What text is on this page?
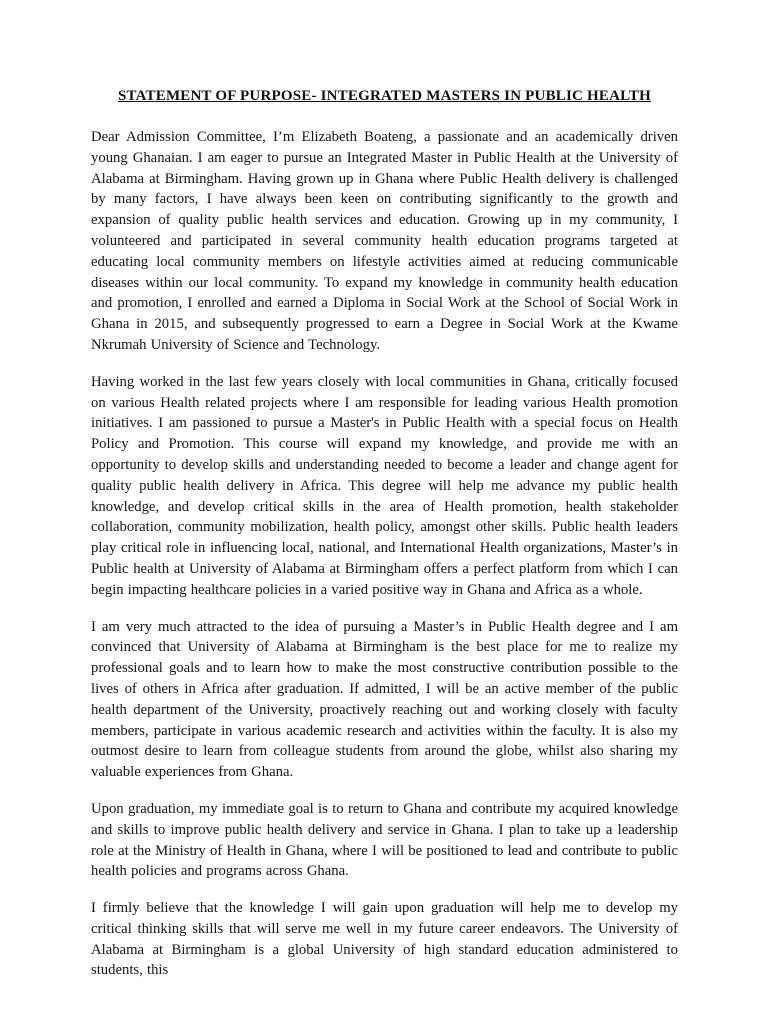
STATEMENT OF PURPOSE- INTEGRATED MASTERS IN PUBLIC HEALTH

Dear Admission Committee, I’m Elizabeth Boateng, a passionate and an academically driven young Ghanaian. I am eager to pursue an Integrated Master in Public Health at the University of Alabama at Birmingham. Having grown up in Ghana where Public Health delivery is challenged by many factors, I have always been keen on contributing significantly to the growth and expansion of quality public health services and education. Growing up in my community, I volunteered and participated in several community health education programs targeted at educating local community members on lifestyle activities aimed at reducing communicable diseases within our local community. To expand my knowledge in community health education and promotion, I enrolled and earned a Diploma in Social Work at the School of Social Work in Ghana in 2015, and subsequently progressed to earn a Degree in Social Work at the Kwame Nkrumah University of Science and Technology.

Having worked in the last few years closely with local communities in Ghana, critically focused on various Health related projects where I am responsible for leading various Health promotion initiatives. I am passioned to pursue a Master's in Public Health with a special focus on Health Policy and Promotion. This course will expand my knowledge, and provide me with an opportunity to develop skills and understanding needed to become a leader and change agent for quality public health delivery in Africa. This degree will help me advance my public health knowledge, and develop critical skills in the area of Health promotion, health stakeholder collaboration, community mobilization, health policy, amongst other skills. Public health leaders play critical role in influencing local, national, and International Health organizations, Master’s in Public health at University of Alabama at Birmingham offers a perfect platform from which I can begin impacting healthcare policies in a varied positive way in Ghana and Africa as a whole.

I am very much attracted to the idea of pursuing a Master’s in Public Health degree and I am convinced that University of Alabama at Birmingham is the best place for me to realize my professional goals and to learn how to make the most constructive contribution possible to the lives of others in Africa after graduation. If admitted, I will be an active member of the public health department of the University, proactively reaching out and working closely with faculty members, participate in various academic research and activities within the faculty. It is also my outmost desire to learn from colleague students from around the globe, whilst also sharing my valuable experiences from Ghana.

Upon graduation, my immediate goal is to return to Ghana and contribute my acquired knowledge and skills to improve public health delivery and service in Ghana. I plan to take up a leadership role at the Ministry of Health in Ghana, where I will be positioned to lead and contribute to public health policies and programs across Ghana.

I firmly believe that the knowledge I will gain upon graduation will help me to develop my critical thinking skills that will serve me well in my future career endeavors. The University of Alabama at Birmingham is a global University of high standard education administered to students, this
